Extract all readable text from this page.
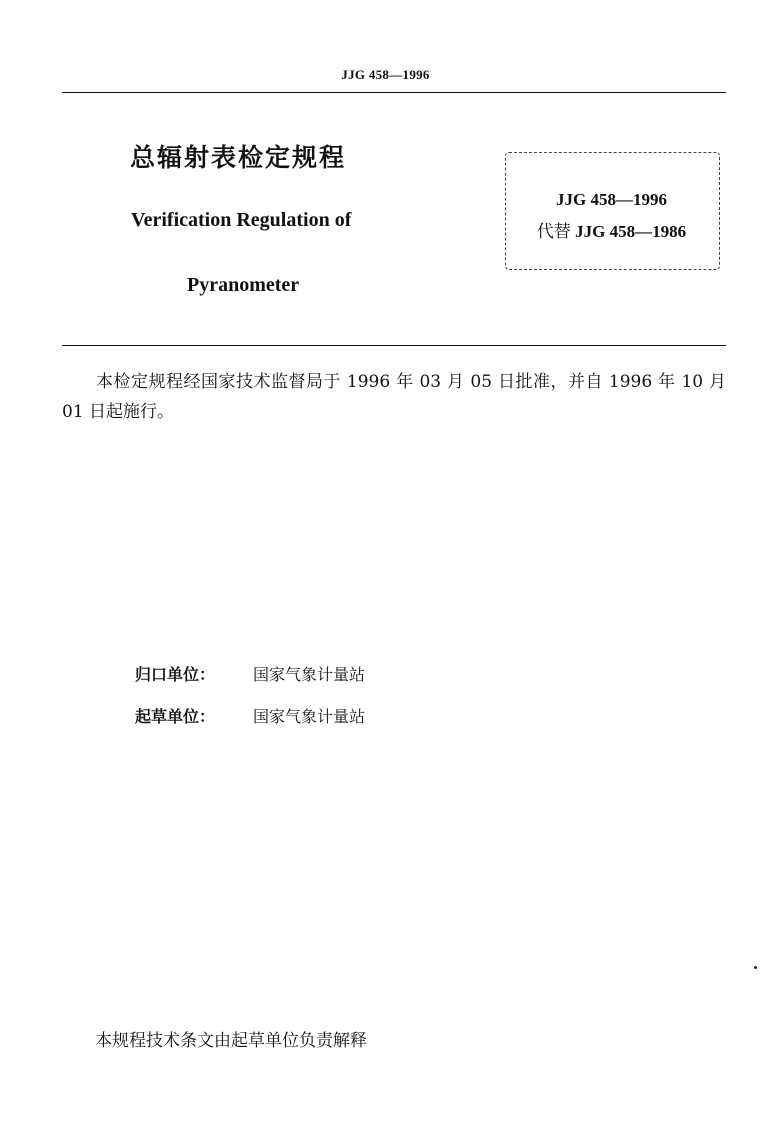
JJG 458—1996
总辐射表检定规程
Verification Regulation of
Pyranometer
JJG 458—1996
代替 JJG 458—1986
本检定规程经国家技术监督局于 1996 年 03 月 05 日批准，并自 1996 年 10 月 01 日起施行。
归口单位： 国家气象计量站
起草单位： 国家气象计量站
本规程技术条文由起草单位负责解释
